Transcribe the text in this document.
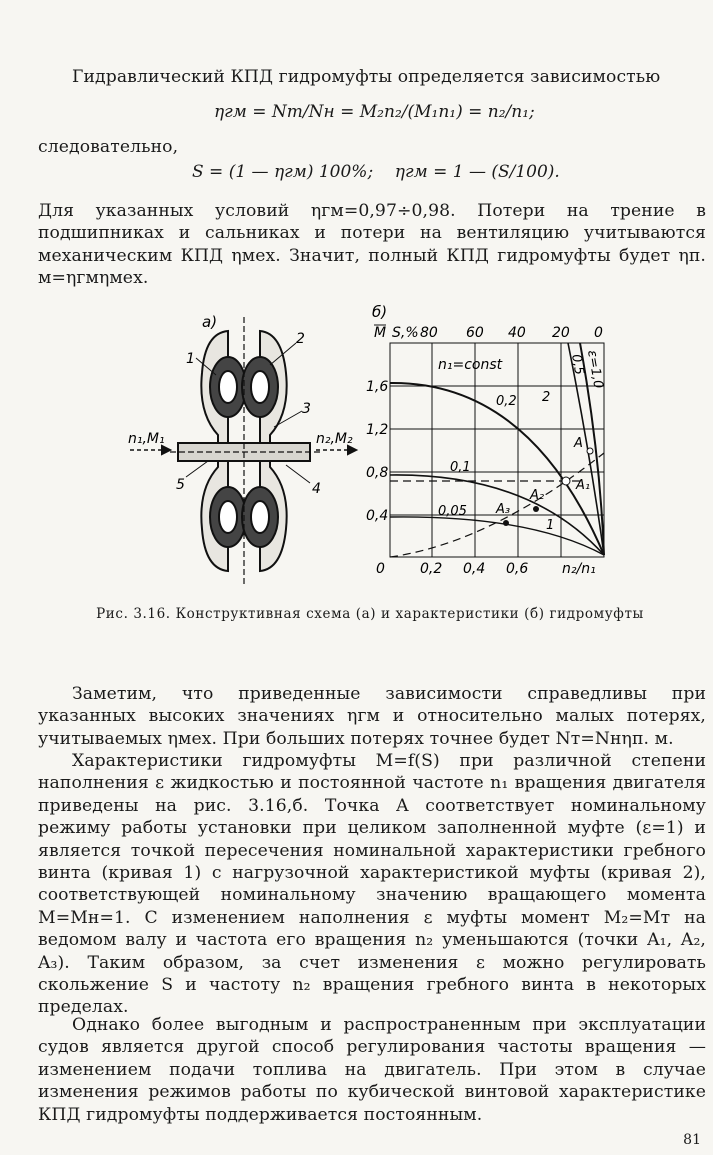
Гидравлический КПД гидромуфты определяется зависимостью
ηгм = Nт/Nн = M₂n₂/(M₁n₁) = n₂/n₁;
следовательно,
S = (1 — ηгм) 100%;    ηгм = 1 — (S/100).
Для указанных условий ηгм=0,97÷0,98. Потери на трение в подшипниках и сальниках и потери на вентиляцию учитываются механическим КПД ηмех. Значит, полный КПД гидромуфты будет ηп. м=ηгмηмех.
а)
1
2
3
4
5
n₁,M₁	n₂,M₂
б)
M S,% 80 60 40 20 0
1,6
1,2
0,8
0,4
0	0,2 0,4 0,6 n₂/n₁
n₁=const
0,2
0,1
0,05
ε=1,0
0,5
2
1
A
A₁
A₂
A₃
Рис. 3.16. Конструктивная схема (а) и характеристики (б) гидромуфты
Заметим, что приведенные зависимости справедливы при указанных высоких значениях ηгм и относительно малых потерях, учитываемых ηмех. При больших потерях точнее будет Nт=Nнηп. м.
Характеристики гидромуфты M=f(S) при различной степени наполнения ε жидкостью и постоянной частоте n₁ вращения двигателя приведены на рис. 3.16,б. Точка A соответствует номинальному режиму работы установки при целиком заполненной муфте (ε=1) и является точкой пересечения номинальной характеристики гребного винта (кривая 1) с нагрузочной характеристикой муфты (кривая 2), соответствующей номинальному значению вращающего момента M=Mн=1. С изменением наполнения ε муфты момент M₂=Mт на ведомом валу и частота его вращения n₂ уменьшаются (точки A₁, A₂, A₃). Таким образом, за счет изменения ε можно регулировать скольжение S и частоту n₂ вращения гребного винта в некоторых пределах.
Однако более выгодным и распространенным при эксплуатации судов является другой способ регулирования частоты вращения — изменением подачи топлива на двигатель. При этом в случае изменения режимов работы по кубической винтовой характеристике КПД гидромуфты поддерживается постоянным.
81
